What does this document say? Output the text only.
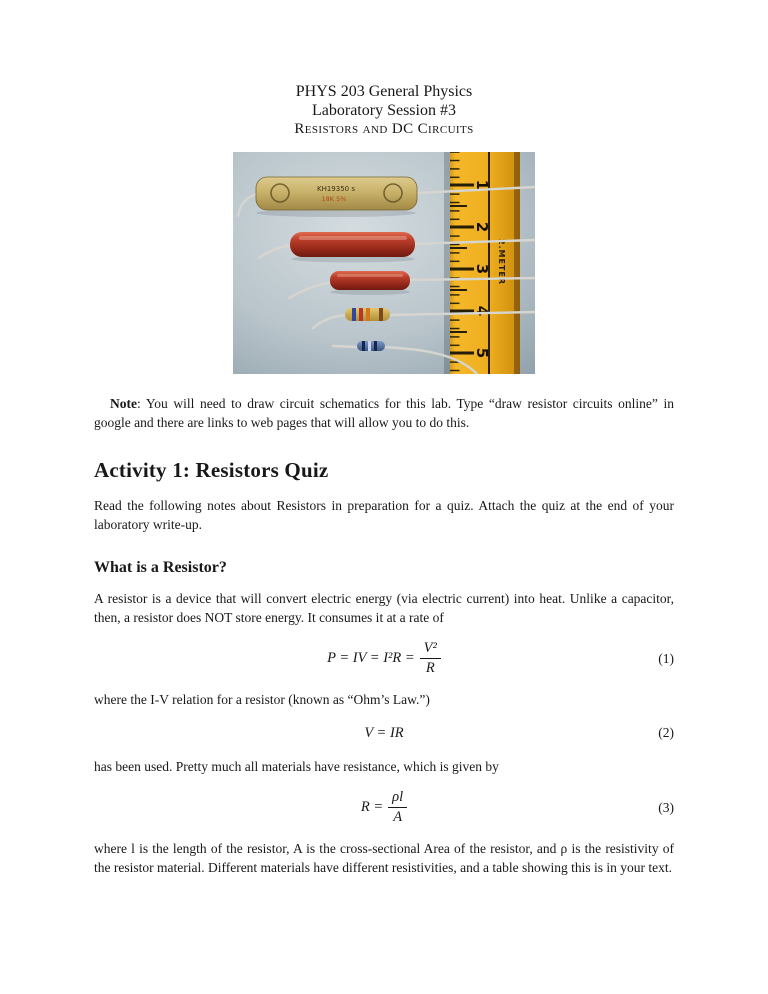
PHYS 203 General Physics
Laboratory Session #3
Resistors and DC Circuits
1
2
3
4
5
2.METER
KH19350 s
18K 5%

Note: You will need to draw circuit schematics for this lab. Type “draw resistor circuits online” in google and there are links to web pages that will allow you to do this.

Activity 1: Resistors Quiz

Read the following notes about Resistors in preparation for a quiz. Attach the quiz at the end of your laboratory write-up.

What is a Resistor?

A resistor is a device that will convert electric energy (via electric current) into heat. Unlike a capacitor, then, a resistor does NOT store energy. It consumes it at a rate of

P = IV = $I^2R = \frac{\text{V²}}{R}$	(1)

where the I-V relation for a resistor (known as “Ohm’s Law.”)

V = IR	(2)

has been used. Pretty much all materials have resistance, which is given by

$R = \frac{\rho l}{A}$	(3)

where l is the length of the resistor, A is the cross-sectional Area of the resistor, and ρ is the resistivity of the resistor material. Different materials have different resistivities, and a table showing this is in your text.
